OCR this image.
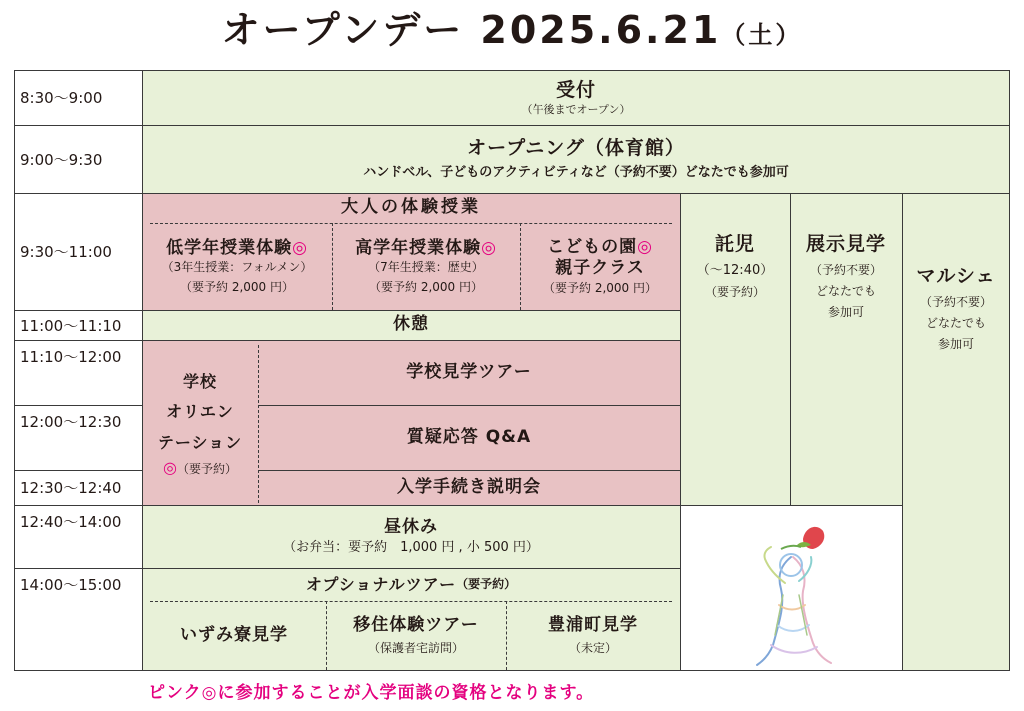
オープンデー 2025.6.21（土）
8:30〜9:00
9:00〜9:30
9:30〜11:00
11:00〜11:10
11:10〜12:00
12:00〜12:30
12:30〜12:40
12:40〜14:00
14:00〜15:00
受付
（午後までオープン）
オープニング（体育館）
ハンドベル、子どものアクティビティなど（予約不要）どなたでも参加可
大人の体験授業
低学年授業体験◎
（3年生授業：フォルメン）
（要予約 2,000 円）
高学年授業体験◎
（7年生授業：歴史）
（要予約 2,000 円）
こどもの園◎
親子クラス
（要予約 2,000 円）
託児
（〜12:40）
（要予約）
展示見学
（予約不要）
どなたでも
参加可
マルシェ
（予約不要）
どなたでも
参加可
休憩
学校
オリエン
テーション
◎（要予約）
学校見学ツアー
質疑応答 Q&A
入学手続き説明会
昼休み
（お弁当：要予約　1,000 円 , 小 500 円）
オプショナルツアー （要予約）
いずみ寮見学	移住体験ツアー
（保護者宅訪問）
豊浦町見学
（未定）
ピンク◎に参加することが入学面談の資格となります。
